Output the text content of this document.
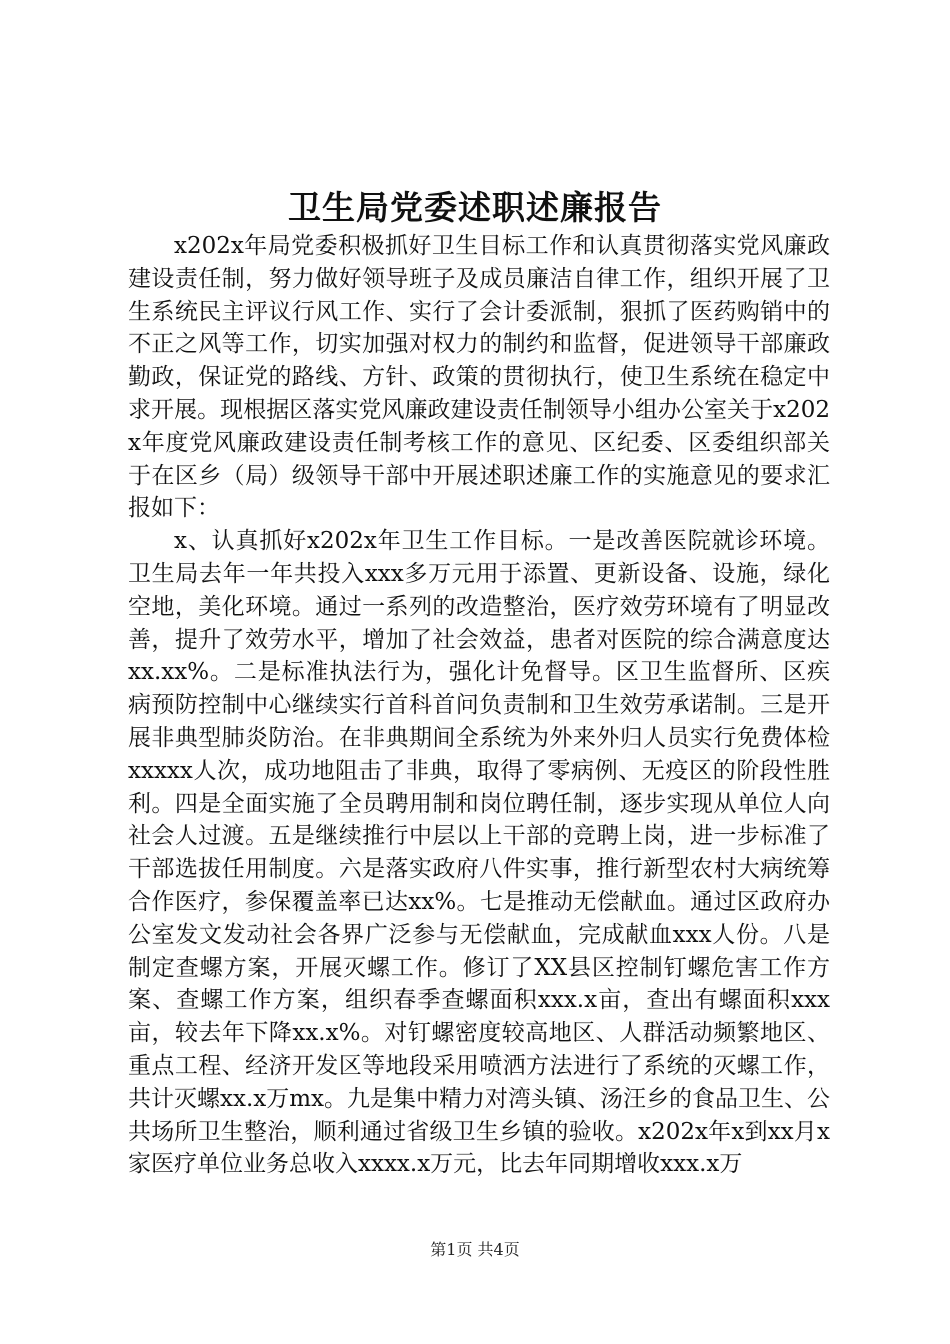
卫生局党委述职述廉报告

x202x年局党委积极抓好卫生目标工作和认真贯彻落实党风廉政建设责任制，努力做好领导班子及成员廉洁自律工作，组织开展了卫生系统民主评议行风工作、实行了会计委派制，狠抓了医药购销中的不正之风等工作，切实加强对权力的制约和监督，促进领导干部廉政勤政，保证党的路线、方针、政策的贯彻执行，使卫生系统在稳定中求开展。现根据区落实党风廉政建设责任制领导小组办公室关于x202x年度党风廉政建设责任制考核工作的意见、区纪委、区委组织部关于在区乡（局）级领导干部中开展述职述廉工作的实施意见的要求汇报如下：

x、认真抓好x202x年卫生工作目标。一是改善医院就诊环境。卫生局去年一年共投入xxx多万元用于添置、更新设备、设施，绿化空地，美化环境。通过一系列的改造整治，医疗效劳环境有了明显改善，提升了效劳水平，增加了社会效益，患者对医院的综合满意度达xx.xx%。二是标准执法行为，强化计免督导。区卫生监督所、区疾病预防控制中心继续实行首科首问负责制和卫生效劳承诺制。三是开展非典型肺炎防治。在非典期间全系统为外来外归人员实行免费体检xxxxx人次，成功地阻击了非典，取得了零病例、无疫区的阶段性胜利。四是全面实施了全员聘用制和岗位聘任制，逐步实现从单位人向社会人过渡。五是继续推行中层以上干部的竞聘上岗，进一步标准了干部选拔任用制度。六是落实政府八件实事，推行新型农村大病统筹合作医疗，参保覆盖率已达xx%。七是推动无偿献血。通过区政府办公室发文发动社会各界广泛参与无偿献血，完成献血xxx人份。八是制定查螺方案，开展灭螺工作。修订了XX县区控制钉螺危害工作方案、查螺工作方案，组织春季查螺面积xxx.x亩，查出有螺面积xxx亩，较去年下降xx.x%。对钉螺密度较高地区、人群活动频繁地区、重点工程、经济开发区等地段采用喷洒方法进行了系统的灭螺工作，共计灭螺xx.x万mx。九是集中精力对湾头镇、汤汪乡的食品卫生、公共场所卫生整治，顺利通过省级卫生乡镇的验收。x202x年x到xx月x家医疗单位业务总收入xxxx.x万元，比去年同期增收xxx.x万

第1页 共4页
